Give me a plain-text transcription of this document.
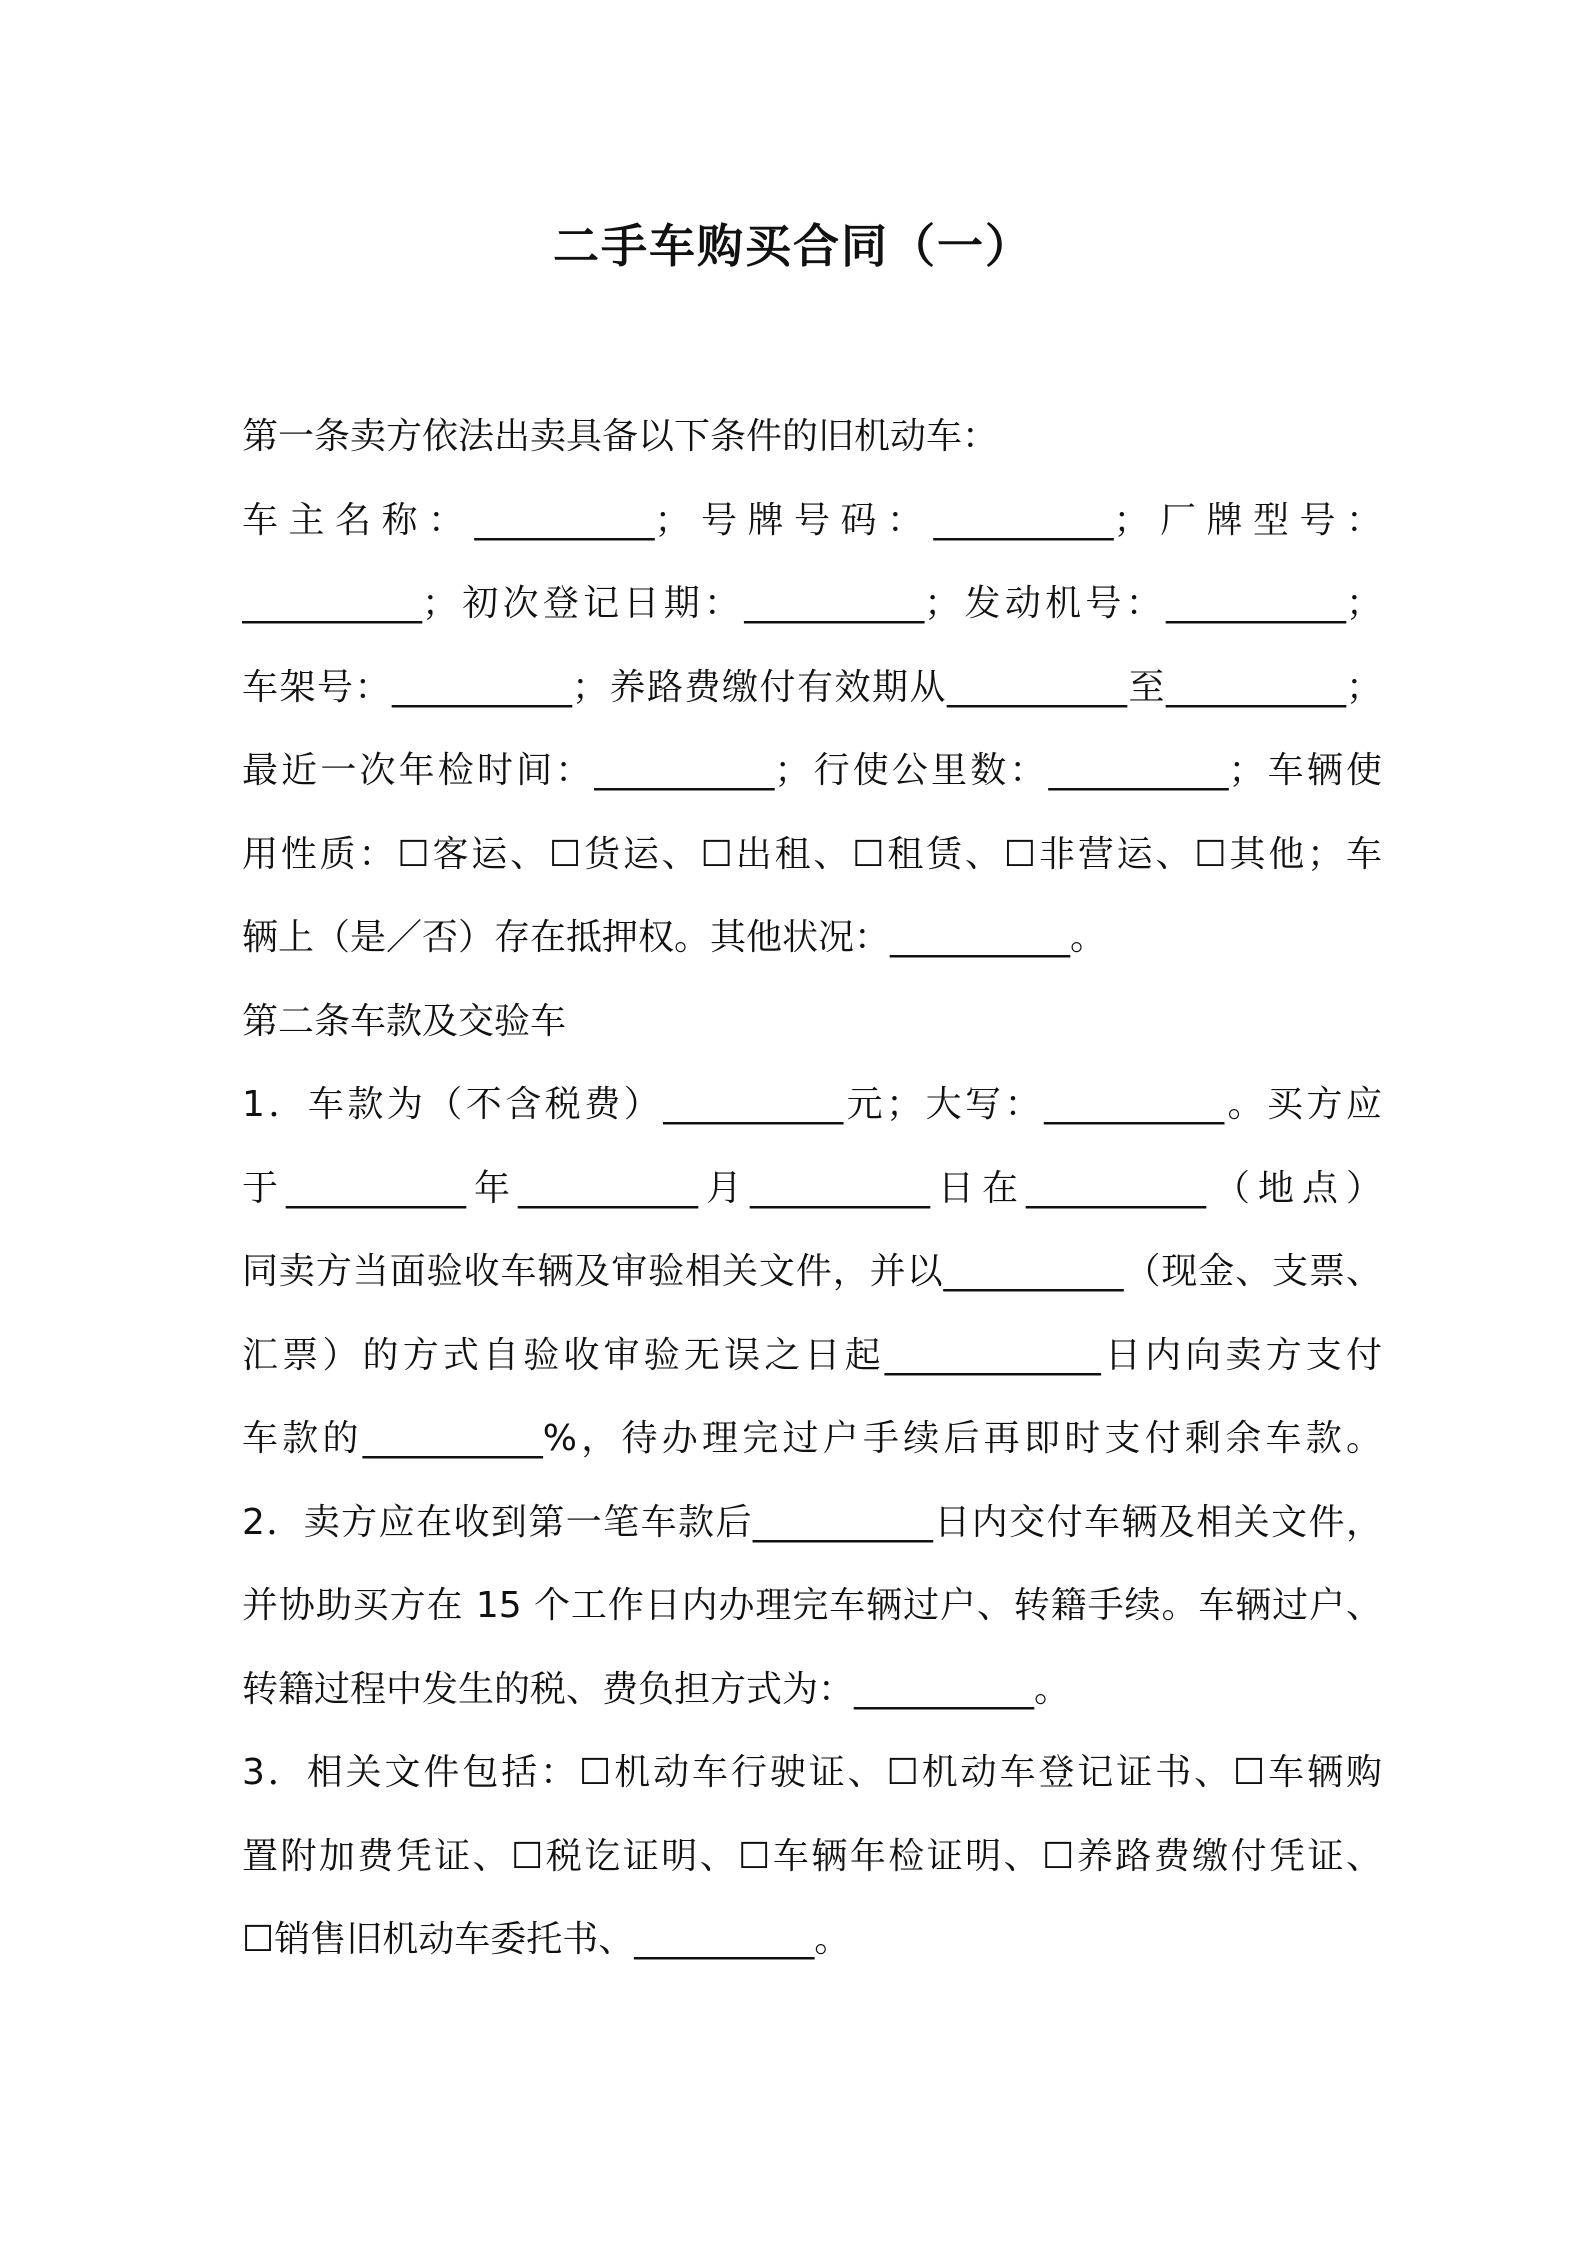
二手车购买合同（一）
第一条卖方依法出卖具备以下条件的旧机动车：
车主名称：__________；号牌号码：__________；厂牌型号：
__________；初次登记日期：__________；发动机号：__________；
车架号：__________；养路费缴付有效期从__________至__________；
最近一次年检时间：__________；行使公里数：__________；车辆使
用性质：☐客运、☐货运、☐出租、☐租赁、☐非营运、☐其他；车
辆上（是／否）存在抵押权。其他状况：__________。
第二条车款及交验车
1．车款为（不含税费）__________元；大写：__________。买方应
于__________年__________月__________日在__________（地点）
同卖方当面验收车辆及审验相关文件，并以__________（现金、支票、
汇票）的方式自验收审验无误之日起____________日内向卖方支付
车款的__________%，待办理完过户手续后再即时支付剩余车款。
2．卖方应在收到第一笔车款后__________日内交付车辆及相关文件，
并协助买方在 15 个工作日内办理完车辆过户、转籍手续。车辆过户、
转籍过程中发生的税、费负担方式为：__________。
3．相关文件包括：☐机动车行驶证、☐机动车登记证书、☐车辆购
置附加费凭证、☐税讫证明、☐车辆年检证明、☐养路费缴付凭证、
☐销售旧机动车委托书、__________。
